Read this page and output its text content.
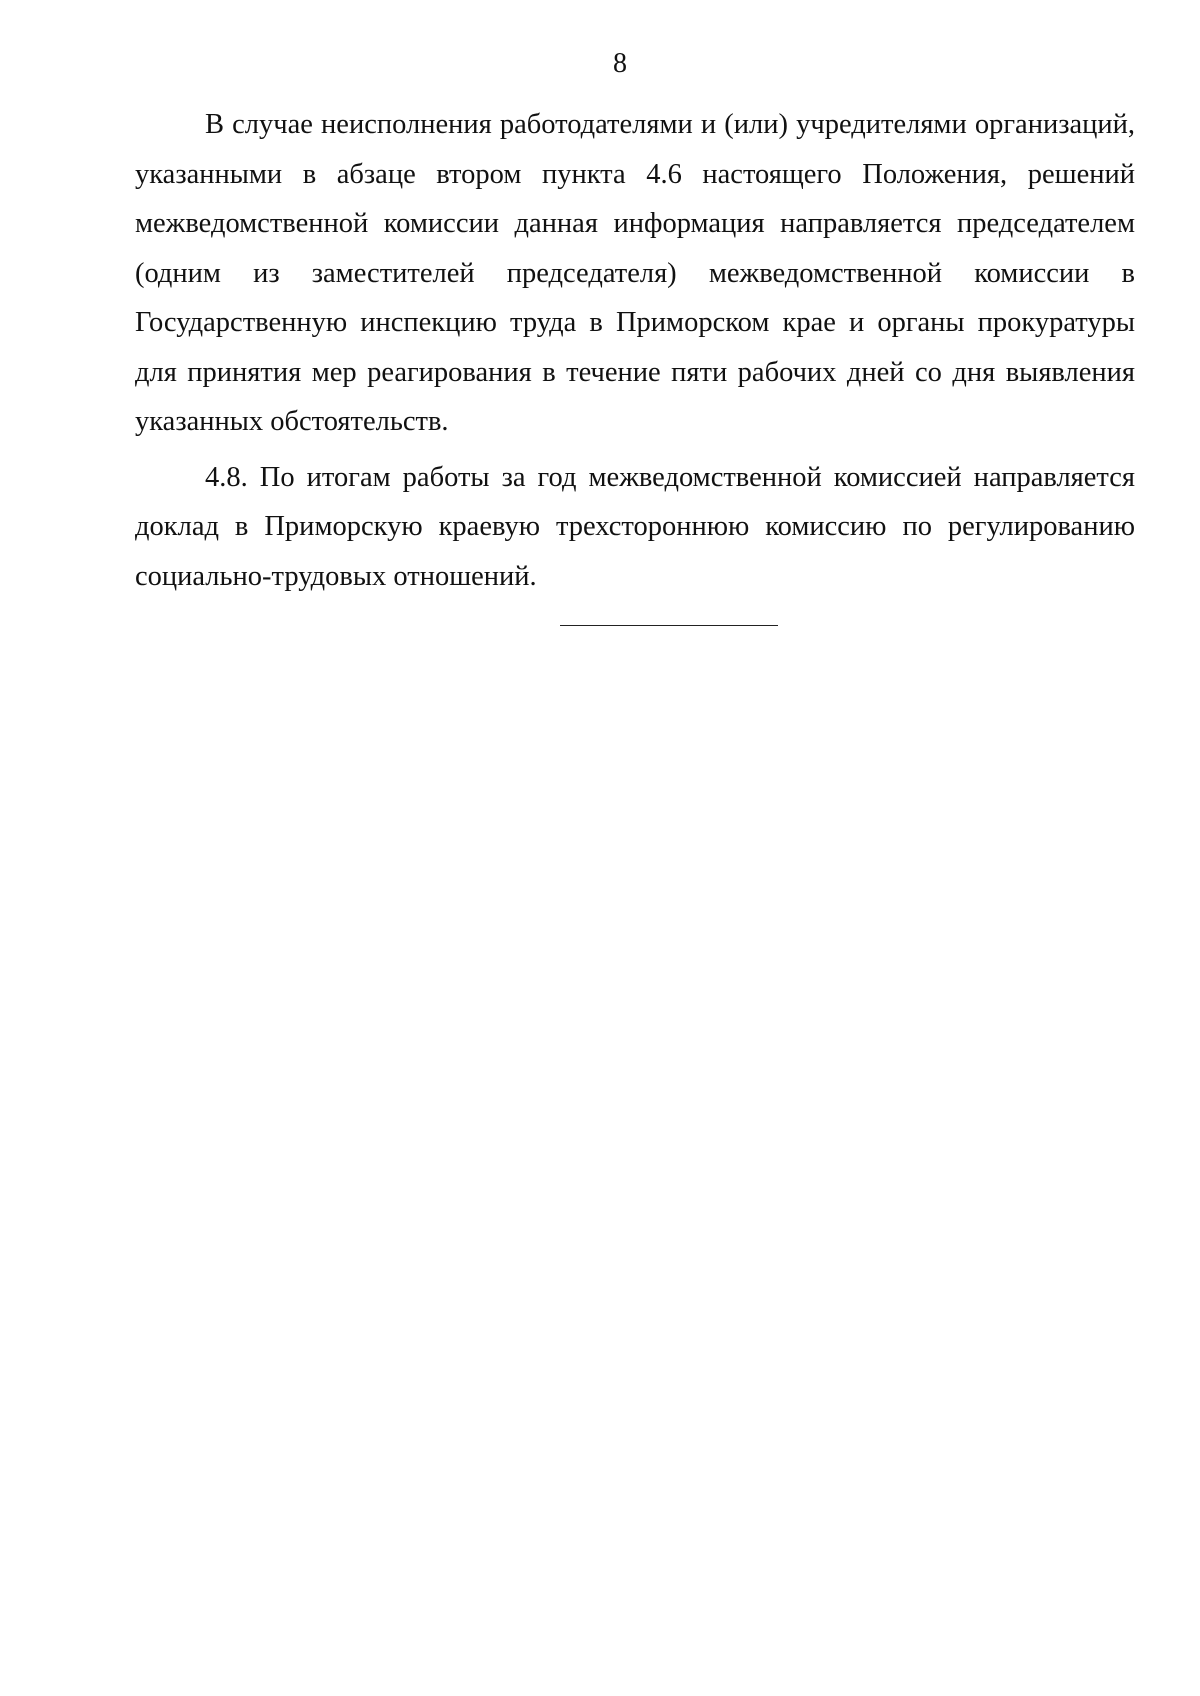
8

В случае неисполнения работодателями и (или) учредителями организаций, указанными в абзаце втором пункта 4.6 настоящего Положения, решений межведомственной комиссии данная информация направляется председателем (одним из заместителей председателя) межведомственной комиссии в Государственную инспекцию труда в Приморском крае и органы прокуратуры для принятия мер реагирования в течение пяти рабочих дней со дня выявления указанных обстоятельств.

4.8. По итогам работы за год межведомственной комиссией направляется доклад в Приморскую краевую трехстороннюю комиссию по регулированию социально-трудовых отношений.
